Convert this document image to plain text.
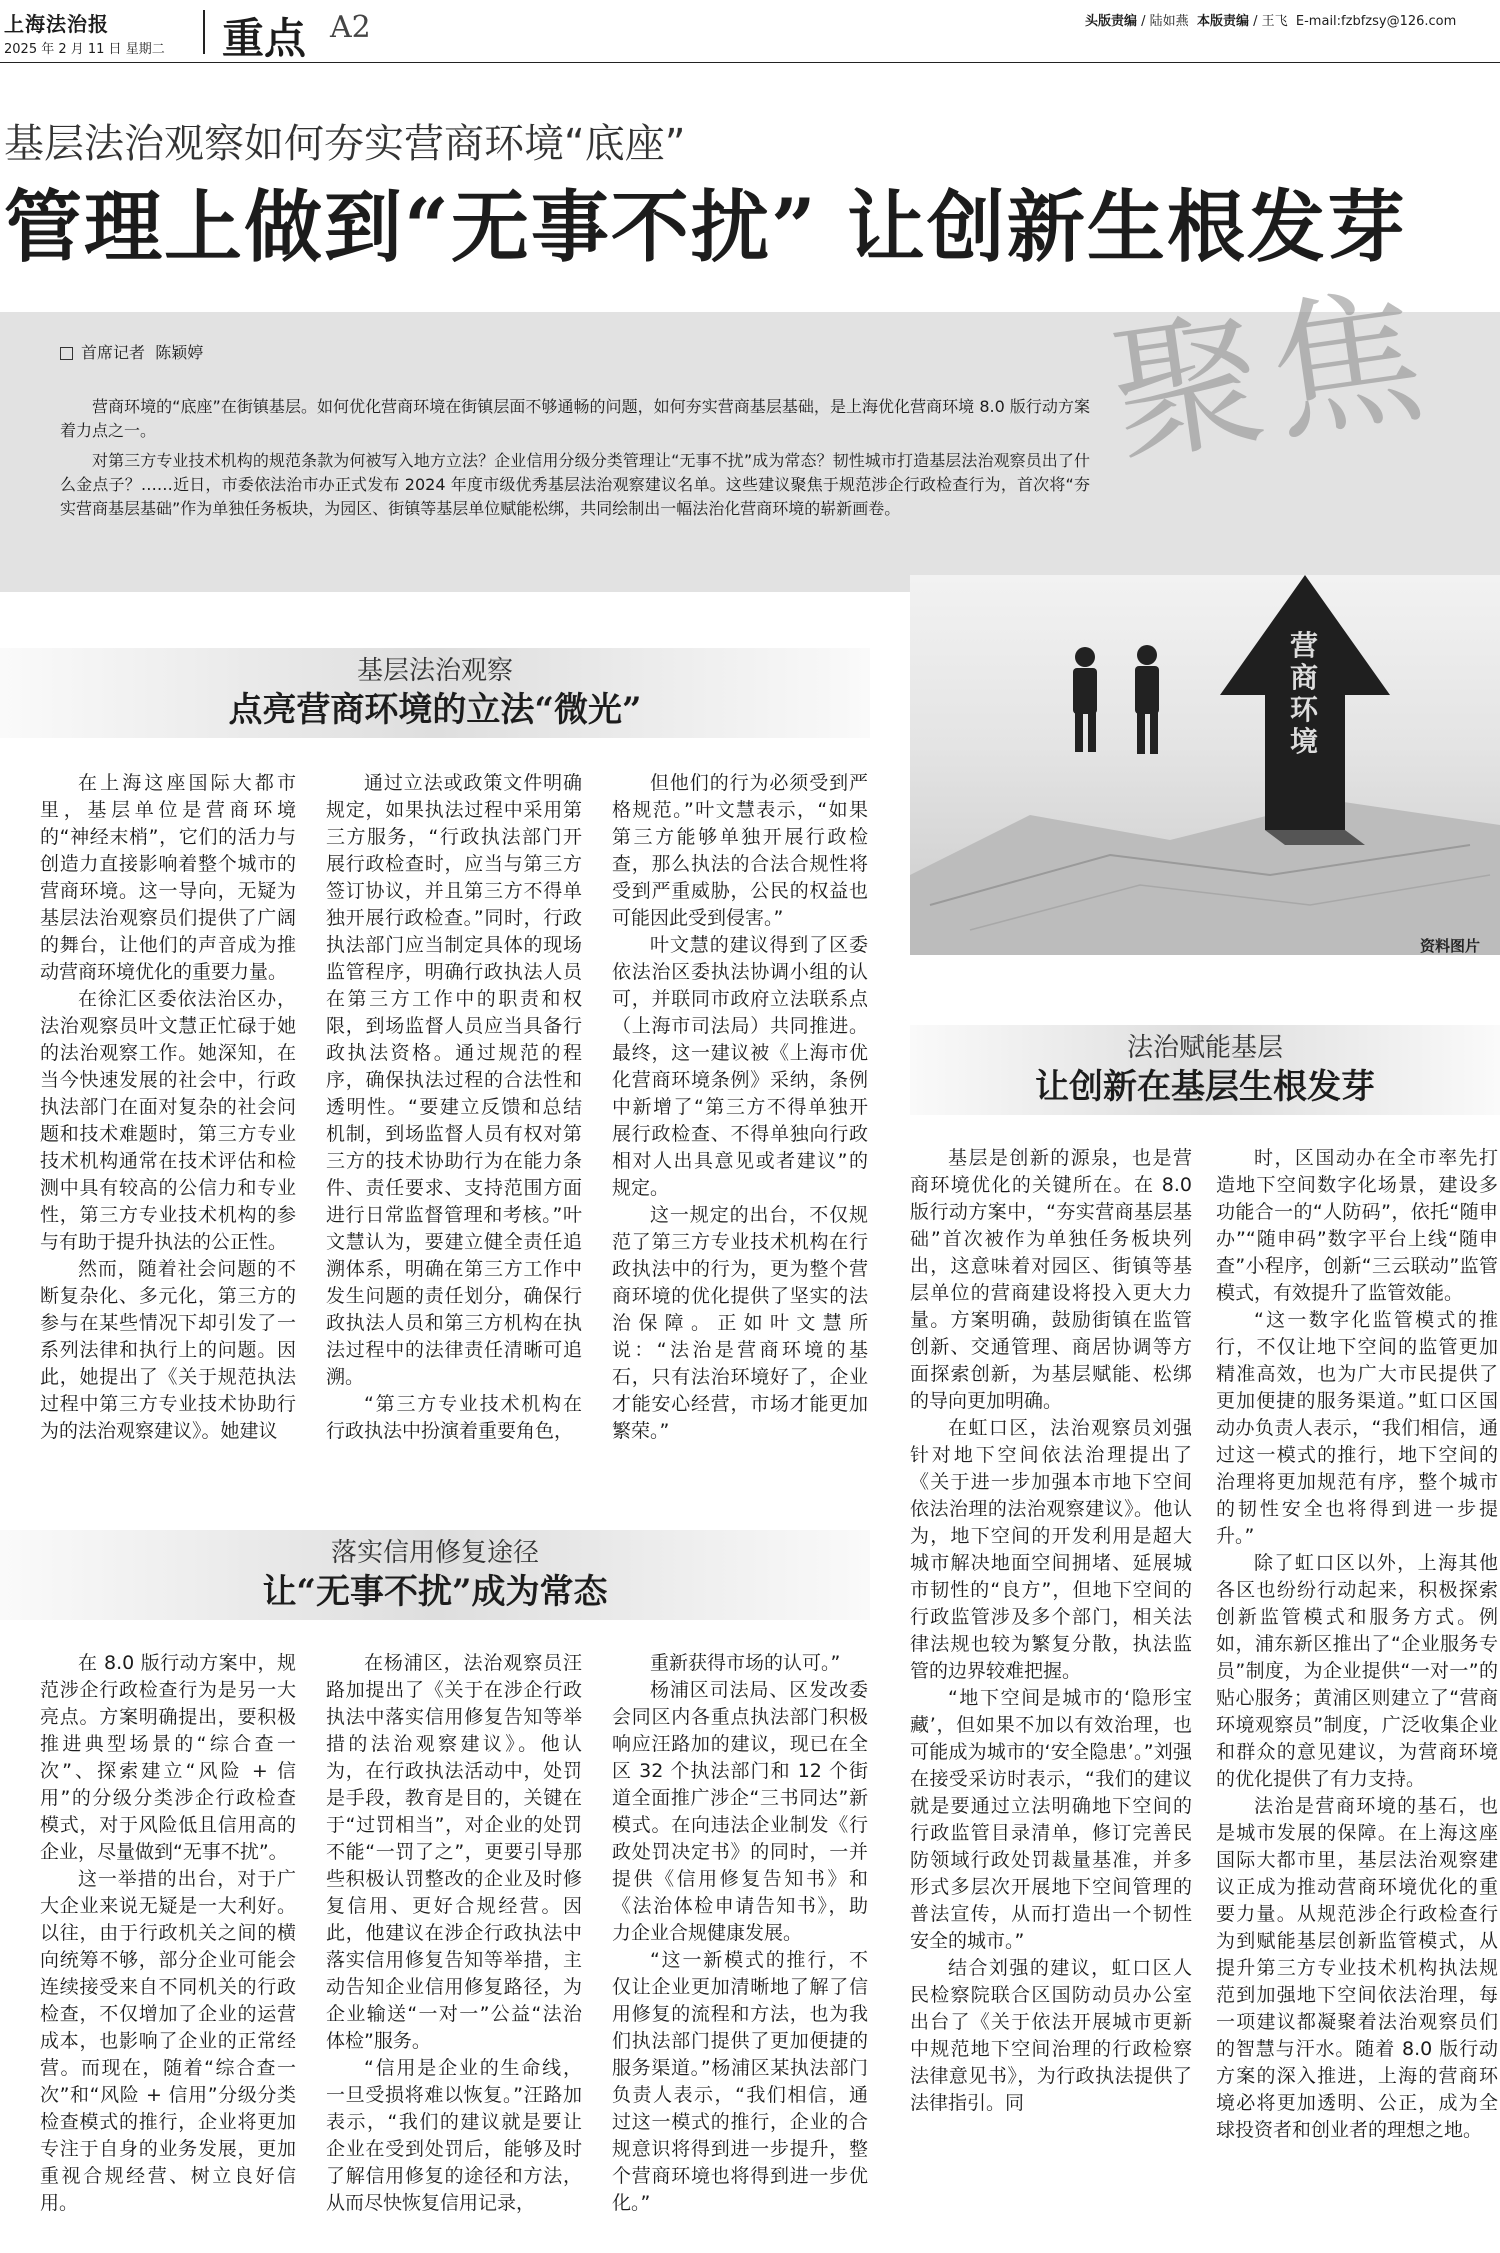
上海法治报
2025 年 2 月 11 日 星期二 重点 A2	头版责编 / 陆如燕 本版责编 / 王飞 E-mail:fzbfzsy@126.com
基层法治观察如何夯实营商环境“底座”
管理上做到“无事不扰” 让创新生根发芽
首席记者 陈颖婷

营商环境的“底座”在街镇基层。如何优化营商环境在街镇层面不够通畅的问题，如何夯实营商基层基础，是上海优化营商环境 8.0 版行动方案着力点之一。

对第三方专业技术机构的规范条款为何被写入地方立法？企业信用分级分类管理让“无事不扰”成为常态？韧性城市打造基层法治观察员出了什么金点子？……近日，市委依法治市办正式发布 2024 年度市级优秀基层法治观察建议名单。这些建议聚焦于规范涉企行政检查行为，首次将“夯实营商基层基础”作为单独任务板块，为园区、街镇等基层单位赋能松绑，共同绘制出一幅法治化营商环境的崭新画卷。

聚焦
基层法治观察
点亮营商环境的立法“微光”

在上海这座国际大都市里，基层单位是营商环境的“神经末梢”，它们的活力与创造力直接影响着整个城市的营商环境。这一导向，无疑为基层法治观察员们提供了广阔的舞台，让他们的声音成为推动营商环境优化的重要力量。

在徐汇区委依法治区办，法治观察员叶文慧正忙碌于她的法治观察工作。她深知，在当今快速发展的社会中，行政执法部门在面对复杂的社会问题和技术难题时，第三方专业技术机构通常在技术评估和检测中具有较高的公信力和专业性，第三方专业技术机构的参与有助于提升执法的公正性。

然而，随着社会问题的不断复杂化、多元化，第三方的参与在某些情况下却引发了一系列法律和执行上的问题。因此，她提出了《关于规范执法过程中第三方专业技术协助行为的法治观察建议》。她建议

通过立法或政策文件明确规定，如果执法过程中采用第三方服务，“行政执法部门开展行政检查时，应当与第三方签订协议，并且第三方不得单独开展行政检查。”同时，行政执法部门应当制定具体的现场监管程序，明确行政执法人员在第三方工作中的职责和权限，到场监督人员应当具备行政执法资格。通过规范的程序，确保执法过程的合法性和透明性。“要建立反馈和总结机制，到场监督人员有权对第三方的技术协助行为在能力条件、责任要求、支持范围方面进行日常监督管理和考核。”叶文慧认为，要建立健全责任追溯体系，明确在第三方工作中发生问题的责任划分，确保行政执法人员和第三方机构在执法过程中的法律责任清晰可追溯。

“第三方专业技术机构在行政执法中扮演着重要角色，

但他们的行为必须受到严格规范。”叶文慧表示，“如果第三方能够单独开展行政检查，那么执法的合法合规性将受到严重威胁，公民的权益也可能因此受到侵害。”

叶文慧的建议得到了区委依法治区委执法协调小组的认可，并联同市政府立法联系点（上海市司法局）共同推进。最终，这一建议被《上海市优化营商环境条例》采纳，条例中新增了“第三方不得单独开展行政检查、不得单独向行政相对人出具意见或者建议”的规定。

这一规定的出台，不仅规范了第三方专业技术机构在行政执法中的行为，更为整个营商环境的优化提供了坚实的法治保障。正如叶文慧所说：“法治是营商环境的基石，只有法治环境好了，企业才能安心经营，市场才能更加繁荣。”

落实信用修复途径
让“无事不扰”成为常态

在 8.0 版行动方案中，规范涉企行政检查行为是另一大亮点。方案明确提出，要积极推进典型场景的“综合查一次”、探索建立“风险 + 信用”的分级分类涉企行政检查模式，对于风险低且信用高的企业，尽量做到“无事不扰”。

这一举措的出台，对于广大企业来说无疑是一大利好。以往，由于行政机关之间的横向统筹不够，部分企业可能会连续接受来自不同机关的行政检查，不仅增加了企业的运营成本，也影响了企业的正常经营。而现在，随着“综合查一次”和“风险 + 信用”分级分类检查模式的推行，企业将更加专注于自身的业务发展，更加重视合规经营、树立良好信用。

在杨浦区，法治观察员汪路加提出了《关于在涉企行政执法中落实信用修复告知等举措的法治观察建议》。他认为，在行政执法活动中，处罚是手段，教育是目的，关键在于“过罚相当”，对企业的处罚不能“一罚了之”，更要引导那些积极认罚整改的企业及时修复信用、更好合规经营。因此，他建议在涉企行政执法中落实信用修复告知等举措，主动告知企业信用修复路径，为企业输送“一对一”公益“法治体检”服务。

“信用是企业的生命线，一旦受损将难以恢复。”汪路加表示，“我们的建议就是要让企业在受到处罚后，能够及时了解信用修复的途径和方法，从而尽快恢复信用记录，

重新获得市场的认可。”

杨浦区司法局、区发改委会同区内各重点执法部门积极响应汪路加的建议，现已在全区 32 个执法部门和 12 个街道全面推广涉企“三书同达”新模式。在向违法企业制发《行政处罚决定书》的同时，一并提供《信用修复告知书》和《法治体检申请告知书》，助力企业合规健康发展。

“这一新模式的推行，不仅让企业更加清晰地了解了信用修复的流程和方法，也为我们执法部门提供了更加便捷的服务渠道。”杨浦区某执法部门负责人表示，“我们相信，通过这一模式的推行，企业的合规意识将得到进一步提升，整个营商环境也将得到进一步优化。”

营商环境
资料图片
法治赋能基层
让创新在基层生根发芽

基层是创新的源泉，也是营商环境优化的关键所在。在 8.0 版行动方案中，“夯实营商基层基础”首次被作为单独任务板块列出，这意味着对园区、街镇等基层单位的营商建设将投入更大力量。方案明确，鼓励街镇在监管创新、交通管理、商居协调等方面探索创新，为基层赋能、松绑的导向更加明确。

在虹口区，法治观察员刘强针对地下空间依法治理提出了《关于进一步加强本市地下空间依法治理的法治观察建议》。他认为，地下空间的开发利用是超大城市解决地面空间拥堵、延展城市韧性的“良方”，但地下空间的行政监管涉及多个部门，相关法律法规也较为繁复分散，执法监管的边界较难把握。

“地下空间是城市的‘隐形宝藏’，但如果不加以有效治理，也可能成为城市的‘安全隐患’。”刘强在接受采访时表示，“我们的建议就是要通过立法明确地下空间的行政监管目录清单，修订完善民防领域行政处罚裁量基准，并多形式多层次开展地下空间管理的普法宣传，从而打造出一个韧性安全的城市。”

结合刘强的建议，虹口区人民检察院联合区国防动员办公室出台了《关于依法开展城市更新中规范地下空间治理的行政检察法律意见书》，为行政执法提供了法律指引。同

时，区国动办在全市率先打造地下空间数字化场景，建设多功能合一的“人防码”，依托“随申办”“随申码”数字平台上线“随申查”小程序，创新“三云联动”监管模式，有效提升了监管效能。

“这一数字化监管模式的推行，不仅让地下空间的监管更加精准高效，也为广大市民提供了更加便捷的服务渠道。”虹口区国动办负责人表示，“我们相信，通过这一模式的推行，地下空间的治理将更加规范有序，整个城市的韧性安全也将得到进一步提升。”

除了虹口区以外，上海其他各区也纷纷行动起来，积极探索创新监管模式和服务方式。例如，浦东新区推出了“企业服务专员”制度，为企业提供“一对一”的贴心服务；黄浦区则建立了“营商环境观察员”制度，广泛收集企业和群众的意见建议，为营商环境的优化提供了有力支持。

法治是营商环境的基石，也是城市发展的保障。在上海这座国际大都市里，基层法治观察建议正成为推动营商环境优化的重要力量。从规范涉企行政检查行为到赋能基层创新监管模式，从提升第三方专业技术机构执法规范到加强地下空间依法治理，每一项建议都凝聚着法治观察员们的智慧与汗水。随着 8.0 版行动方案的深入推进，上海的营商环境必将更加透明、公正，成为全球投资者和创业者的理想之地。
